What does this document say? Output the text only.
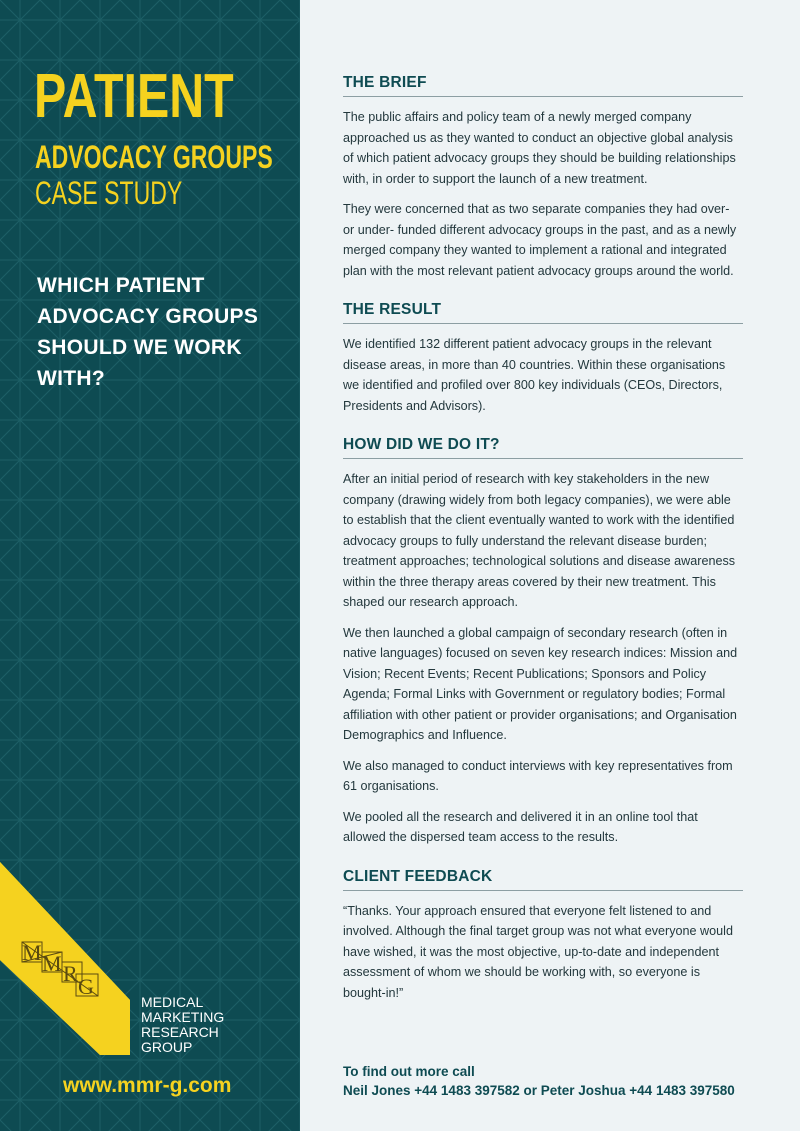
PATIENT
ADVOCACY GROUPS
CASE STUDY
WHICH PATIENT ADVOCACY GROUPS SHOULD WE WORK WITH?
M M R
G
MEDICAL
MARKETING
RESEARCH
GROUP
www.mmr-g.com
THE BRIEF

The public affairs and policy team of a newly merged company approached us as they wanted to conduct an objective global analysis of which patient advocacy groups they should be building relationships with, in order to support the launch of a new treatment.

They were concerned that as two separate companies they had over- or under- funded different advocacy groups in the past, and as a newly merged company they wanted to implement a rational and integrated plan with the most relevant patient advocacy groups around the world.

THE RESULT

We identified 132 different patient advocacy groups in the relevant disease areas, in more than 40 countries. Within these organisations we identified and profiled over 800 key individuals (CEOs, Directors, Presidents and Advisors).

HOW DID WE DO IT?

After an initial period of research with key stakeholders in the new company (drawing widely from both legacy companies), we were able to establish that the client eventually wanted to work with the identified advocacy groups to fully understand the relevant disease burden; treatment approaches; technological solutions and disease awareness within the three therapy areas covered by their new treatment. This shaped our research approach.

We then launched a global campaign of secondary research (often in native languages) focused on seven key research indices: Mission and Vision; Recent Events; Recent Publications; Sponsors and Policy Agenda; Formal Links with Government or regulatory bodies; Formal affiliation with other patient or provider organisations; and Organisation Demographics and Influence.

We also managed to conduct interviews with key representatives from 61 organisations.

We pooled all the research and delivered it in an online tool that allowed the dispersed team access to the results.

CLIENT FEEDBACK

“Thanks. Your approach ensured that everyone felt listened to and involved. Although the final target group was not what everyone would have wished, it was the most objective, up-to-date and independent assessment of whom we should be working with, so everyone is bought-in!”

To find out more call
Neil Jones +44 1483 397582 or Peter Joshua +44 1483 397580
